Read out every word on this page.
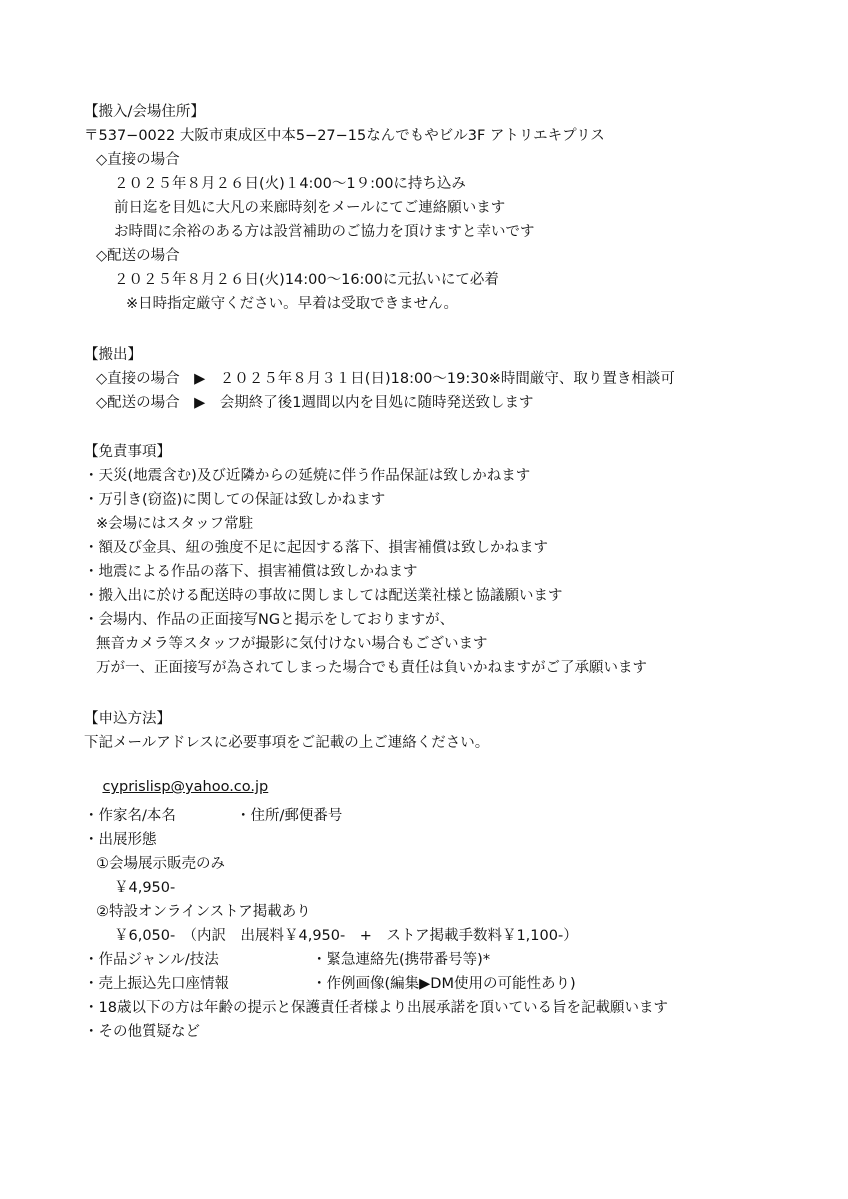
【搬入/会場住所】
〒537−0022 大阪市東成区中本5−27−15なんでもやビル3F アトリエキプリス
◇直接の場合
２０２５年８月２６日(火)１4:00〜1９:00に持ち込み
前日迄を目処に大凡の来廊時刻をメールにてご連絡願います
お時間に余裕のある方は設営補助のご協力を頂けますと幸いです
◇配送の場合
２０２５年８月２６日(火)14:00〜16:00に元払いにて必着
※日時指定厳守ください。早着は受取できません。
【搬出】
◇直接の場合　▶　２０２５年８月３１日(日)18:00〜19:30※時間厳守、取り置き相談可
◇配送の場合　▶　会期終了後1週間以内を目処に随時発送致します
【免責事項】
・天災(地震含む)及び近隣からの延焼に伴う作品保証は致しかねます
・万引き(窃盗)に関しての保証は致しかねます
※会場にはスタッフ常駐
・額及び金具、紐の強度不足に起因する落下、損害補償は致しかねます
・地震による作品の落下、損害補償は致しかねます
・搬入出に於ける配送時の事故に関しましては配送業社様と協議願います
・会場内、作品の正面接写NGと掲示をしておりますが、
無音カメラ等スタッフが撮影に気付けない場合もございます
万が一、正面接写が為されてしまった場合でも責任は負いかねますがご了承願います
【申込方法】
下記メールアドレスに必要事項をご記載の上ご連絡ください。

cyprislisp@yahoo.co.jp

・作家名/本名	・住所/郵便番号
・出展形態
①会場展示販売のみ
￥4,950-
②特設オンラインストア掲載あり
￥6,050-　（内訳　出展料￥4,950-　+　ストア掲載手数料￥1,100-）
・作品ジャンル/技法	・緊急連絡先(携帯番号等)*
・売上振込先口座情報	・作例画像(編集▶DM使用の可能性あり)
・18歳以下の方は年齢の提示と保護責任者様より出展承諾を頂いている旨を記載願います
・その他質疑など
